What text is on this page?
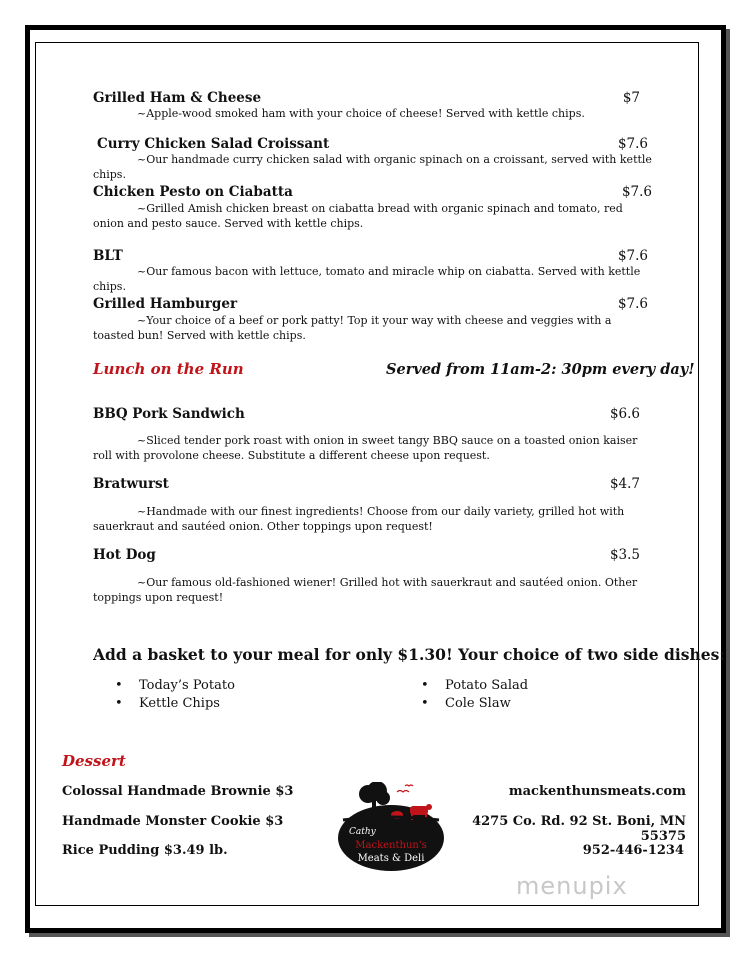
Grilled Ham & Cheese	$7
~Apple-wood smoked ham with your choice of cheese! Served with kettle chips.
Curry Chicken Salad Croissant	$7.6
~Our handmade curry chicken salad with organic spinach on a croissant, served with kettle chips.
Chicken Pesto on Ciabatta	$7.6
~Grilled Amish chicken breast on ciabatta bread with organic spinach and tomato, red onion and pesto sauce. Served with kettle chips.
BLT	$7.6
~Our famous bacon with lettuce, tomato and miracle whip on ciabatta. Served with kettle chips.
Grilled Hamburger	$7.6
~Your choice of a beef or pork patty! Top it your way with cheese and veggies with a toasted bun! Served with kettle chips.
Lunch on the Run	Served from 11am-2: 30pm every day!
BBQ Pork Sandwich	$6.6
~Sliced tender pork roast with onion in sweet tangy BBQ sauce on a toasted onion kaiser roll with provolone cheese. Substitute a different cheese upon request.
Bratwurst	$4.7
~Handmade with our finest ingredients! Choose from our daily variety, grilled hot with sauerkraut and sautéed onion. Other toppings upon request!
Hot Dog	$3.5
~Our famous old-fashioned wiener! Grilled hot with sauerkraut and sautéed onion. Other toppings upon request!
Add a basket to your meal for only $1.30! Your choice of two side dishes:
• Today’s Potato
• Kettle Chips
• Potato Salad
• Cole Slaw
Dessert
Colossal Handmade Brownie $3
Handmade Monster Cookie $3
Rice Pudding $3.49 lb.
mackenthunsmeats.com
4275 Co. Rd. 92 St. Boni, MN 55375
952-446-1234
Cathy
Mackenthun's
Meats & Deli
menupix
